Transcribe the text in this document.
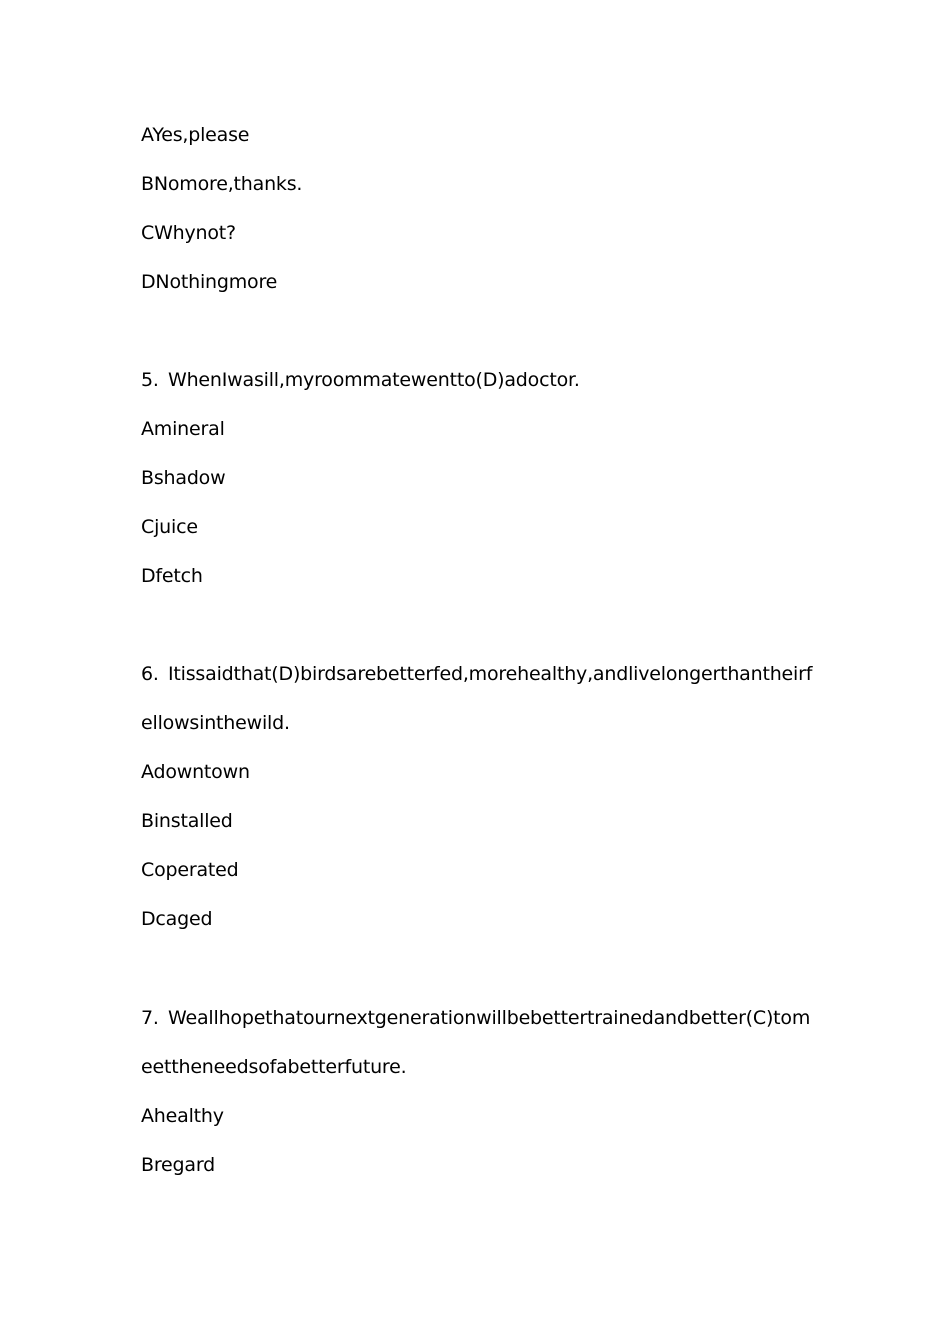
AYes,please
BNomore,thanks.
CWhynot?
DNothingmore
5. WhenIwasill,myroommatewentto(D)adoctor.
Amineral
Bshadow
Cjuice
Dfetch
6. Itissaidthat(D)birdsarebetterfed,morehealthy,andlivelongerthantheirf
ellowsinthewild.
Adowntown
Binstalled
Coperated
Dcaged
7. Weallhopethatournextgenerationwillbebettertrainedandbetter(C)tom
eettheneedsofabetterfuture.
Ahealthy
Bregard
